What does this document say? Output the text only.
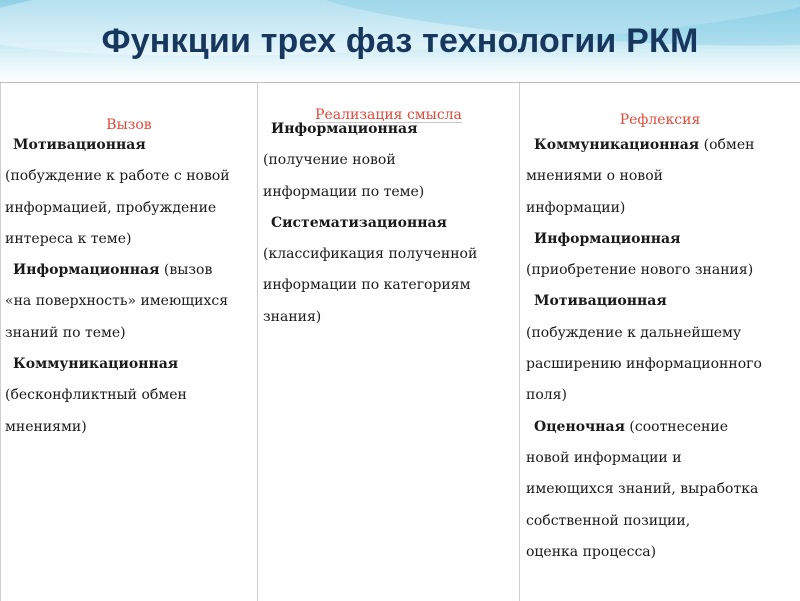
Функции трех фаз технологии РКМ

Вызов

Мотивационная
(побуждение к работе с новой
информацией, пробуждение
интереса к теме)
Информационная (вызов
«на поверхность» имеющихся
знаний по теме)
Коммуникационная
(бесконфликтный обмен
мнениями)

Реализация смысла

Информационная
(получение новой
информации по теме)
Систематизационная
(классификация полученной
информации по категориям
знания)

Рефлексия

Коммуникационная (обмен
мнениями о новой
информации)
Информационная
(приобретение нового знания)
Мотивационная
(побуждение к дальнейшему
расширению информационного
поля)
Оценочная (соотнесение
новой информации и
имеющихся знаний, выработка
собственной позиции,
оценка процесса)
